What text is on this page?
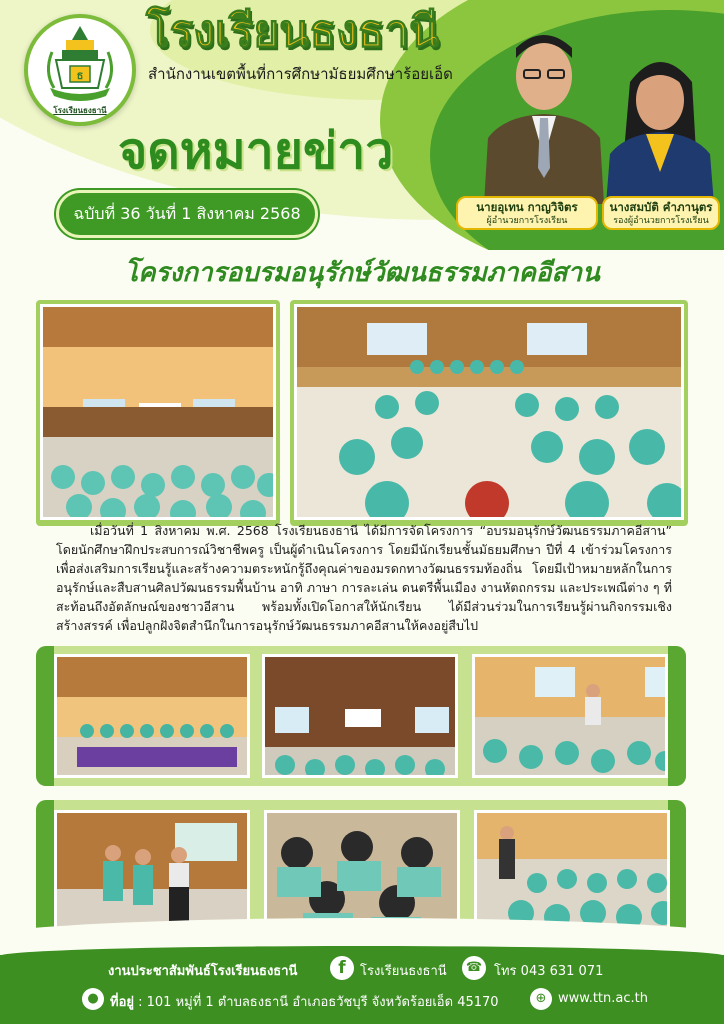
ธ
โรงเรียนธงธานี
โรงเรียนธงธานี
สำนักงานเขตพื้นที่การศึกษามัธยมศึกษาร้อยเอ็ด
จดหมายข่าว
ฉบับที่ 36 วันที่ 1 สิงหาคม 2568	นายอุเทน กาญวิจิตร
ผู้อำนวยการโรงเรียน
นางสมบัติ คำภานุตร
รองผู้อำนวยการโรงเรียน
โครงการอบรมอนุรักษ์วัฒนธรรมภาคอีสาน

เมื่อวันที่ 1 สิงหาคม พ.ศ. 2568 โรงเรียนธงธานี ได้มีการจัดโครงการ “อบรมอนุรักษ์วัฒนธรรมภาคอีสาน” โดยนักศึกษาฝึกประสบการณ์วิชาชีพครู เป็นผู้ดำเนินโครงการ โดยมีนักเรียนชั้นมัธยมศึกษา ปีที่ 4 เข้าร่วมโครงการ เพื่อส่งเสริมการเรียนรู้และสร้างความตระหนักรู้ถึงคุณค่าของมรดกทางวัฒนธรรมท้องถิ่น โดยมีเป้าหมายหลักในการอนุรักษ์และสืบสานศิลปวัฒนธรรมพื้นบ้าน อาทิ ภาษา การละเล่น ดนตรีพื้นเมือง งานหัตถกรรม และประเพณีต่าง ๆ ที่สะท้อนถึงอัตลักษณ์ของชาวอีสาน พร้อมทั้งเปิดโอกาสให้นักเรียน ได้มีส่วนร่วมในการเรียนรู้ผ่านกิจกรรมเชิงสร้างสรรค์ เพื่อปลูกฝังจิตสำนึกในการอนุรักษ์วัฒนธรรมภาคอีสานให้คงอยู่สืบไป

งานประชาสัมพันธ์โรงเรียนธงธานี	f	โรงเรียนธงธานี ☎ โทร 043 631 071
● ที่อยู่ : 101 หมู่ที่ 1 ตำบลธงธานี อำเภอธวัชบุรี จังหวัดร้อยเอ็ด 45170	⊕ www.ttn.ac.th
